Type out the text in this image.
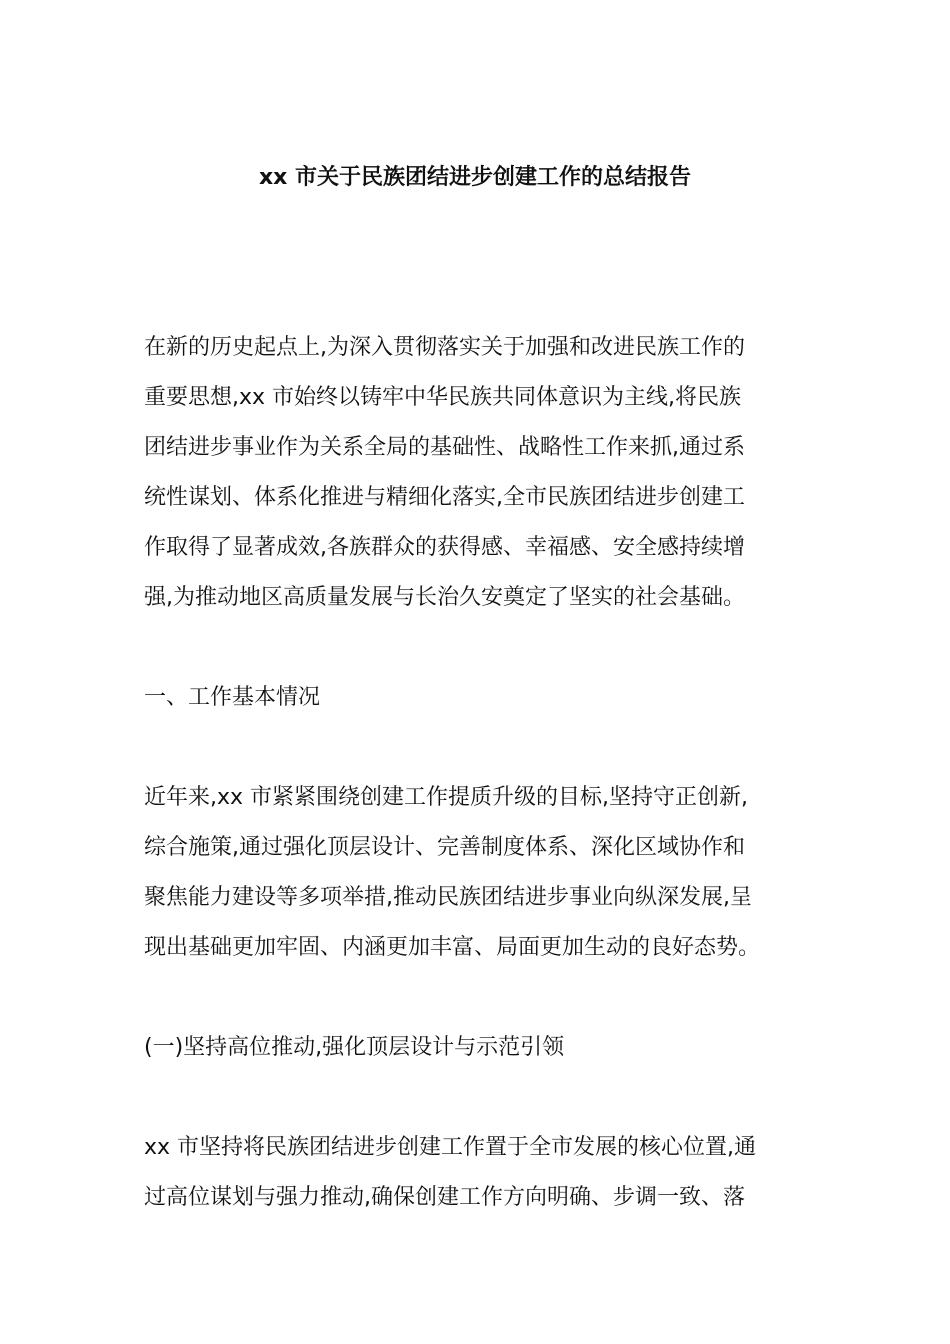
xx 市关于民族团结进步创建工作的总结报告
在新的历史起点上,为深入贯彻落实关于加强和改进民族工作的
重要思想,xx 市始终以铸牢中华民族共同体意识为主线,将民族
团结进步事业作为关系全局的基础性、战略性工作来抓,通过系
统性谋划、体系化推进与精细化落实,全市民族团结进步创建工
作取得了显著成效,各族群众的获得感、幸福感、安全感持续增
强,为推动地区高质量发展与长治久安奠定了坚实的社会基础。
一、工作基本情况
近年来,xx 市紧紧围绕创建工作提质升级的目标,坚持守正创新,
综合施策,通过强化顶层设计、完善制度体系、深化区域协作和
聚焦能力建设等多项举措,推动民族团结进步事业向纵深发展,呈
现出基础更加牢固、内涵更加丰富、局面更加生动的良好态势。
(一)坚持高位推动,强化顶层设计与示范引领
xx 市坚持将民族团结进步创建工作置于全市发展的核心位置,通
过高位谋划与强力推动,确保创建工作方向明确、步调一致、落
